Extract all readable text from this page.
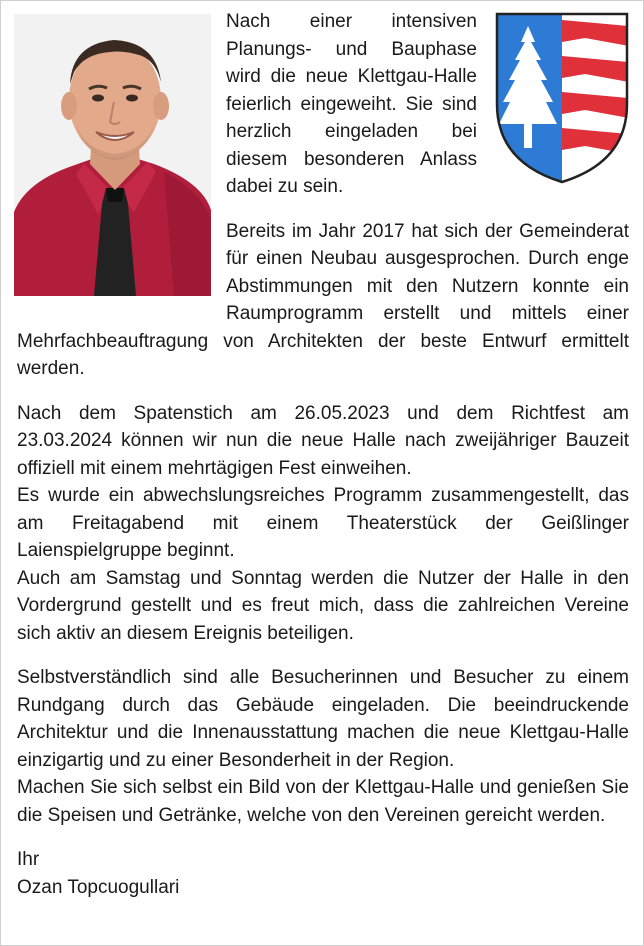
Nach einer intensiven Planungs- und Bauphase wird die neue Klettgau-Halle feierlich eingeweiht. Sie sind herzlich eingeladen bei diesem besonderen Anlass dabei zu sein.

Bereits im Jahr 2017 hat sich der Gemeinderat für einen Neubau ausgesprochen. Durch enge Abstimmungen mit den Nutzern konnte ein Raumprogramm erstellt und mittels einer Mehrfachbeauftragung von Architekten der beste Entwurf ermittelt werden.

Nach dem Spatenstich am 26.05.2023 und dem Richtfest am 23.03.2024 können wir nun die neue Halle nach zweijähriger Bauzeit offiziell mit einem mehrtägigen Fest einweihen.

Es wurde ein abwechslungsreiches Programm zusammengestellt, das am Freitagabend mit einem Theaterstück der Geißlinger Laienspielgruppe beginnt.

Auch am Samstag und Sonntag werden die Nutzer der Halle in den Vordergrund gestellt und es freut mich, dass die zahlreichen Vereine sich aktiv an diesem Ereignis beteiligen.

Selbstverständlich sind alle Besucherinnen und Besucher zu einem Rundgang durch das Gebäude eingeladen. Die beeindruckende Architektur und die Innenausstattung machen die neue Klettgau-Halle einzigartig und zu einer Besonderheit in der Region.

Machen Sie sich selbst ein Bild von der Klettgau-Halle und genießen Sie die Speisen und Getränke, welche von den Vereinen gereicht werden.

Ihr

Ozan Topcuogullari
